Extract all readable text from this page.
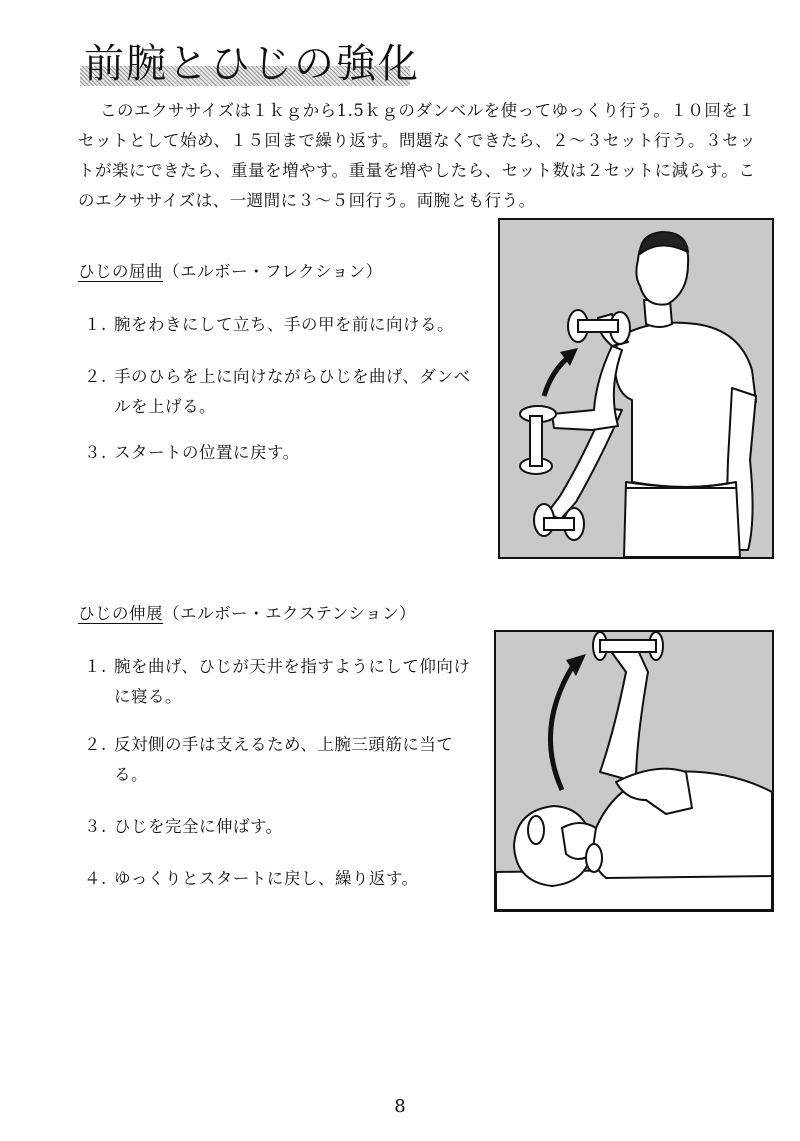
前腕とひじの強化

このエクササイズは１ｋｇから1.5ｋｇのダンベルを使ってゆっくり行う。１０回を１セットとして始め、１５回まで繰り返す。問題なくできたら、２～３セット行う。３セットが楽にできたら、重量を増やす。重量を増やしたら、セット数は２セットに減らす。このエクササイズは、一週間に３～５回行う。両腕とも行う。

ひじの屈曲（エルボー・フレクション）

１. 腕をわきにして立ち、手の甲を前に向ける。
２. 手のひらを上に向けながらひじを曲げ、ダンベルを上げる。
３. スタートの位置に戻す。

ひじの伸展（エルボー・エクステンション）

１. 腕を曲げ、ひじが天井を指すようにして仰向けに寝る。
２. 反対側の手は支えるため、上腕三頭筋に当てる。
３. ひじを完全に伸ばす。
４. ゆっくりとスタートに戻し、繰り返す。
8
